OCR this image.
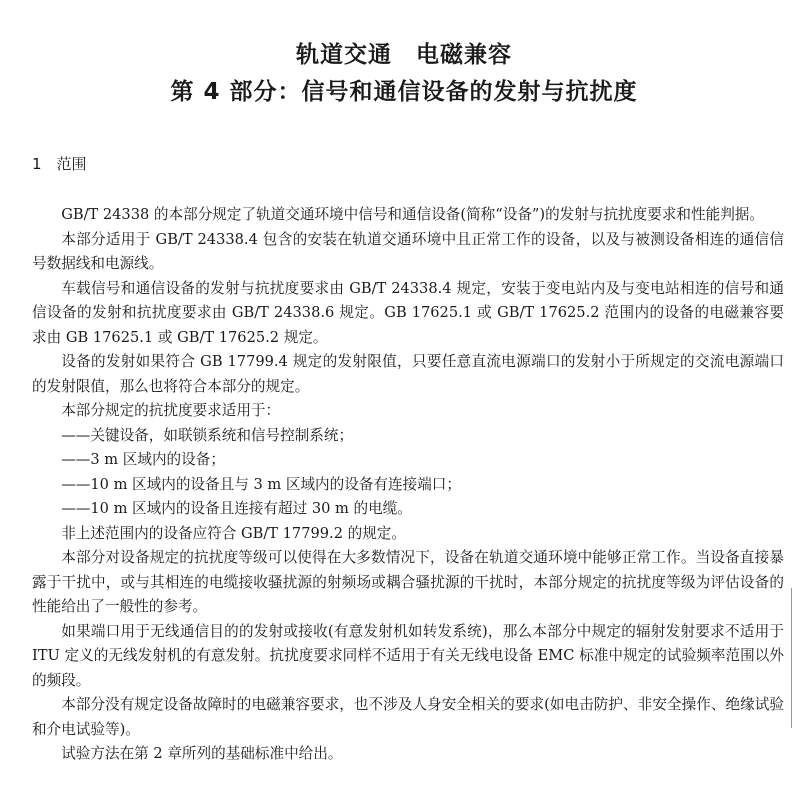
轨道交通　电磁兼容
第 4 部分：信号和通信设备的发射与抗扰度
1　范围

GB/T 24338 的本部分规定了轨道交通环境中信号和通信设备(简称“设备”)的发射与抗扰度要求和性能判据。

本部分适用于 GB/T 24338.4 包含的安装在轨道交通环境中且正常工作的设备，以及与被测设备相连的通信信号数据线和电源线。

车载信号和通信设备的发射与抗扰度要求由 GB/T 24338.4 规定，安装于变电站内及与变电站相连的信号和通信设备的发射和抗扰度要求由 GB/T 24338.6 规定。GB 17625.1 或 GB/T 17625.2 范围内的设备的电磁兼容要求由 GB 17625.1 或 GB/T 17625.2 规定。

设备的发射如果符合 GB 17799.4 规定的发射限值，只要任意直流电源端口的发射小于所规定的交流电源端口的发射限值，那么也将符合本部分的规定。

本部分规定的抗扰度要求适用于：

——关键设备，如联锁系统和信号控制系统；

——3 m 区域内的设备；

——10 m 区域内的设备且与 3 m 区域内的设备有连接端口；

——10 m 区域内的设备且连接有超过 30 m 的电缆。

非上述范围内的设备应符合 GB/T 17799.2 的规定。

本部分对设备规定的抗扰度等级可以使得在大多数情况下，设备在轨道交通环境中能够正常工作。当设备直接暴露于干扰中，或与其相连的电缆接收骚扰源的射频场或耦合骚扰源的干扰时，本部分规定的抗扰度等级为评估设备的性能给出了一般性的参考。

如果端口用于无线通信目的的发射或接收(有意发射机如转发系统)，那么本部分中规定的辐射发射要求不适用于 ITU 定义的无线发射机的有意发射。抗扰度要求同样不适用于有关无线电设备 EMC 标准中规定的试验频率范围以外的频段。

本部分没有规定设备故障时的电磁兼容要求，也不涉及人身安全相关的要求(如电击防护、非安全操作、绝缘试验和介电试验等)。

试验方法在第 2 章所列的基础标准中给出。
